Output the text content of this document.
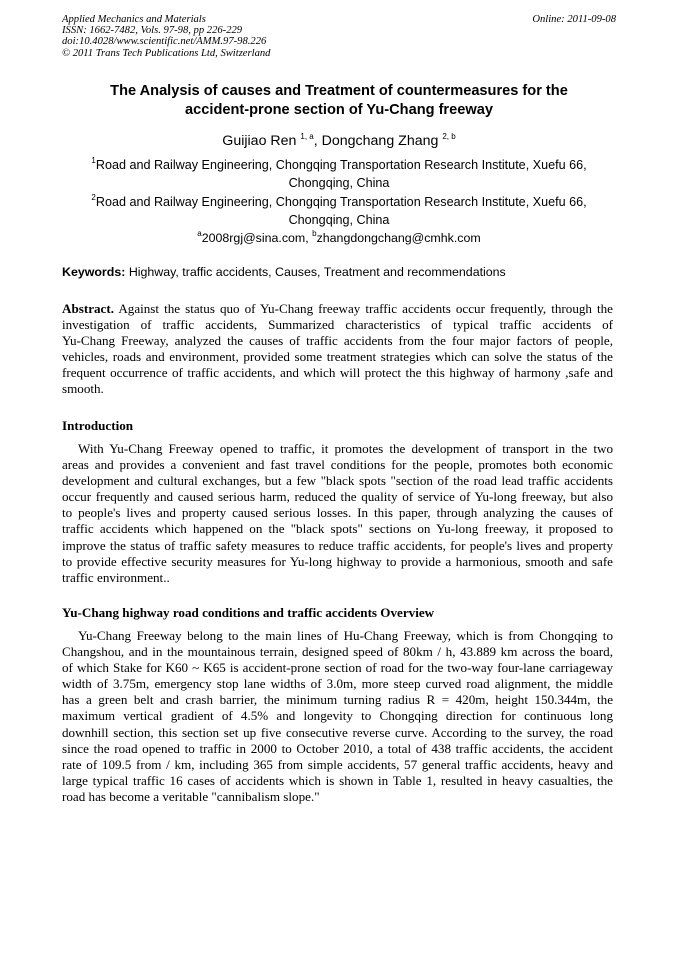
Applied Mechanics and Materials
ISSN: 1662-7482, Vols. 97-98, pp 226-229
doi:10.4028/www.scientific.net/AMM.97-98.226
© 2011 Trans Tech Publications Ltd, Switzerland
Online: 2011-09-08
The Analysis of causes and Treatment of countermeasures for the
accident-prone section of Yu-Chang freeway
Guijiao Ren $^{1, a}$, Dongchang Zhang $^{2, b}$
$^1$Road and Railway Engineering, Chongqing Transportation Research Institute, Xuefu 66,
Chongqing, China
$^2$Road and Railway Engineering, Chongqing Transportation Research Institute, Xuefu 66,
Chongqing, China
$^a$2008rgj@sina.com, $^b$zhangdongchang@cmhk.com
Keywords: Highway, traffic accidents, Causes, Treatment and recommendations
Abstract. Against the status quo of Yu-Chang freeway traffic accidents occur frequently, through the
investigation of traffic accidents, Summarized characteristics of typical traffic accidents of
Yu-Chang Freeway, analyzed the causes of traffic accidents from the four major factors of people,
vehicles, roads and environment, provided some treatment strategies which can solve the status of the
frequent occurrence of traffic accidents, and which will protect the this highway of harmony ,safe and
smooth.
Introduction
With Yu-Chang Freeway opened to traffic, it promotes the development of transport in the two
areas and provides a convenient and fast travel conditions for the people, promotes both economic
development and cultural exchanges, but a few "black spots "section of the road lead traffic accidents
occur frequently and caused serious harm, reduced the quality of service of Yu-long freeway, but also
to people's lives and property caused serious losses. In this paper, through analyzing the causes of
traffic accidents which happened on the "black spots" sections on Yu-long freeway, it proposed to
improve the status of traffic safety measures to reduce traffic accidents, for people's lives and property
to provide effective security measures for Yu-long highway to provide a harmonious, smooth and safe
traffic environment..
Yu-Chang highway road conditions and traffic accidents Overview
Yu-Chang Freeway belong to the main lines of Hu-Chang Freeway, which is from Chongqing to
Changshou, and in the mountainous terrain, designed speed of 80km / h, 43.889 km across the board,
of which Stake for K60 ~ K65 is accident-prone section of road for the two-way four-lane carriageway
width of 3.75m, emergency stop lane widths of 3.0m, more steep curved road alignment, the middle
has a green belt and crash barrier, the minimum turning radius R = 420m, height 150.344m, the
maximum vertical gradient of 4.5% and longevity to Chongqing direction for continuous long
downhill section, this section set up five consecutive reverse curve. According to the survey, the road
since the road opened to traffic in 2000 to October 2010, a total of 438 traffic accidents, the accident
rate of 109.5 from / km, including 365 from simple accidents, 57 general traffic accidents, heavy and
large typical traffic 16 cases of accidents which is shown in Table 1, resulted in heavy casualties, the
road has become a veritable "cannibalism slope."
